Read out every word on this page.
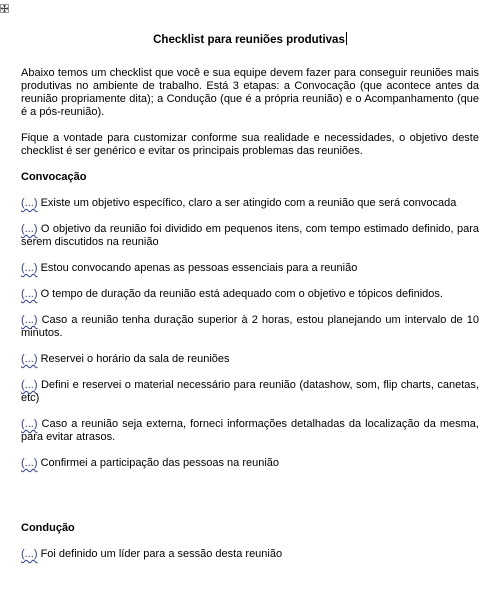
Checklist para reuniões produtivas

Abaixo temos um checklist que você e sua equipe devem fazer para conseguir reuniões mais produtivas no ambiente de trabalho. Está 3 etapas: a Convocação (que acontece antes da reunião propriamente dita); a Condução (que é a própria reunião) e o Acompanhamento (que é a pós-reunião).

Fique a vontade para customizar conforme sua realidade e necessidades, o objetivo deste checklist é ser genérico e evitar os principais problemas das reuniões.

Convocação
(...) Existe um objetivo específico, claro a ser atingido com a reunião que será convocada
(...) O objetivo da reunião foi dividido em pequenos itens, com tempo estimado definido, para serem discutidos na reunião
(...) Estou convocando apenas as pessoas essenciais para a reunião
(...) O tempo de duração da reunião está adequado com o objetivo e tópicos definidos.
(...) Caso a reunião tenha duração superior à 2 horas, estou planejando um intervalo de 10 minutos.
(...) Reservei o horário da sala de reuniões
(...) Defini e reservei o material necessário para reunião (datashow, som, flip charts, canetas, etc)
(...) Caso a reunião seja externa, forneci informações detalhadas da localização da mesma, para evitar atrasos.
(...) Confirmei a participação das pessoas na reunião
Condução
(...) Foi definido um líder para a sessão desta reunião
